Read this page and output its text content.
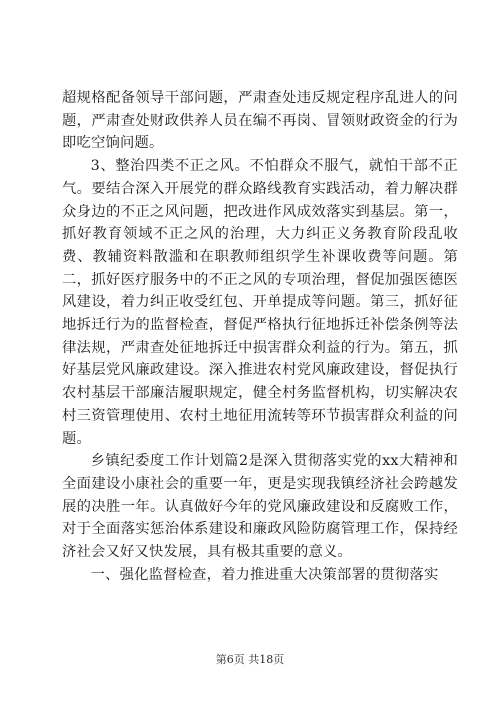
超规格配备领导干部问题，严肃查处违反规定程序乱进人的问题，严肃查处财政供养人员在编不再岗、冒领财政资金的行为即吃空饷问题。

3、整治四类不正之风。不怕群众不服气，就怕干部不正气。要结合深入开展党的群众路线教育实践活动，着力解决群众身边的不正之风问题，把改进作风成效落实到基层。第一，抓好教育领域不正之风的治理，大力纠正义务教育阶段乱收费、教辅资料散滥和在职教师组织学生补课收费等问题。第二，抓好医疗服务中的不正之风的专项治理，督促加强医德医风建设，着力纠正收受红包、开单提成等问题。第三，抓好征地拆迁行为的监督检查，督促严格执行征地拆迁补偿条例等法律法规，严肃查处征地拆迁中损害群众利益的行为。第五，抓好基层党风廉政建设。深入推进农村党风廉政建设，督促执行农村基层干部廉洁履职规定，健全村务监督机构，切实解决农村三资管理使用、农村土地征用流转等环节损害群众利益的问题。

乡镇纪委度工作计划篇2是深入贯彻落实党的xx大精神和全面建设小康社会的重要一年，更是实现我镇经济社会跨越发展的决胜一年。认真做好今年的党风廉政建设和反腐败工作，对于全面落实惩治体系建设和廉政风险防腐管理工作，保持经济社会又好又快发展，具有极其重要的意义。

一、强化监督检查，着力推进重大决策部署的贯彻落实

第6页 共18页
